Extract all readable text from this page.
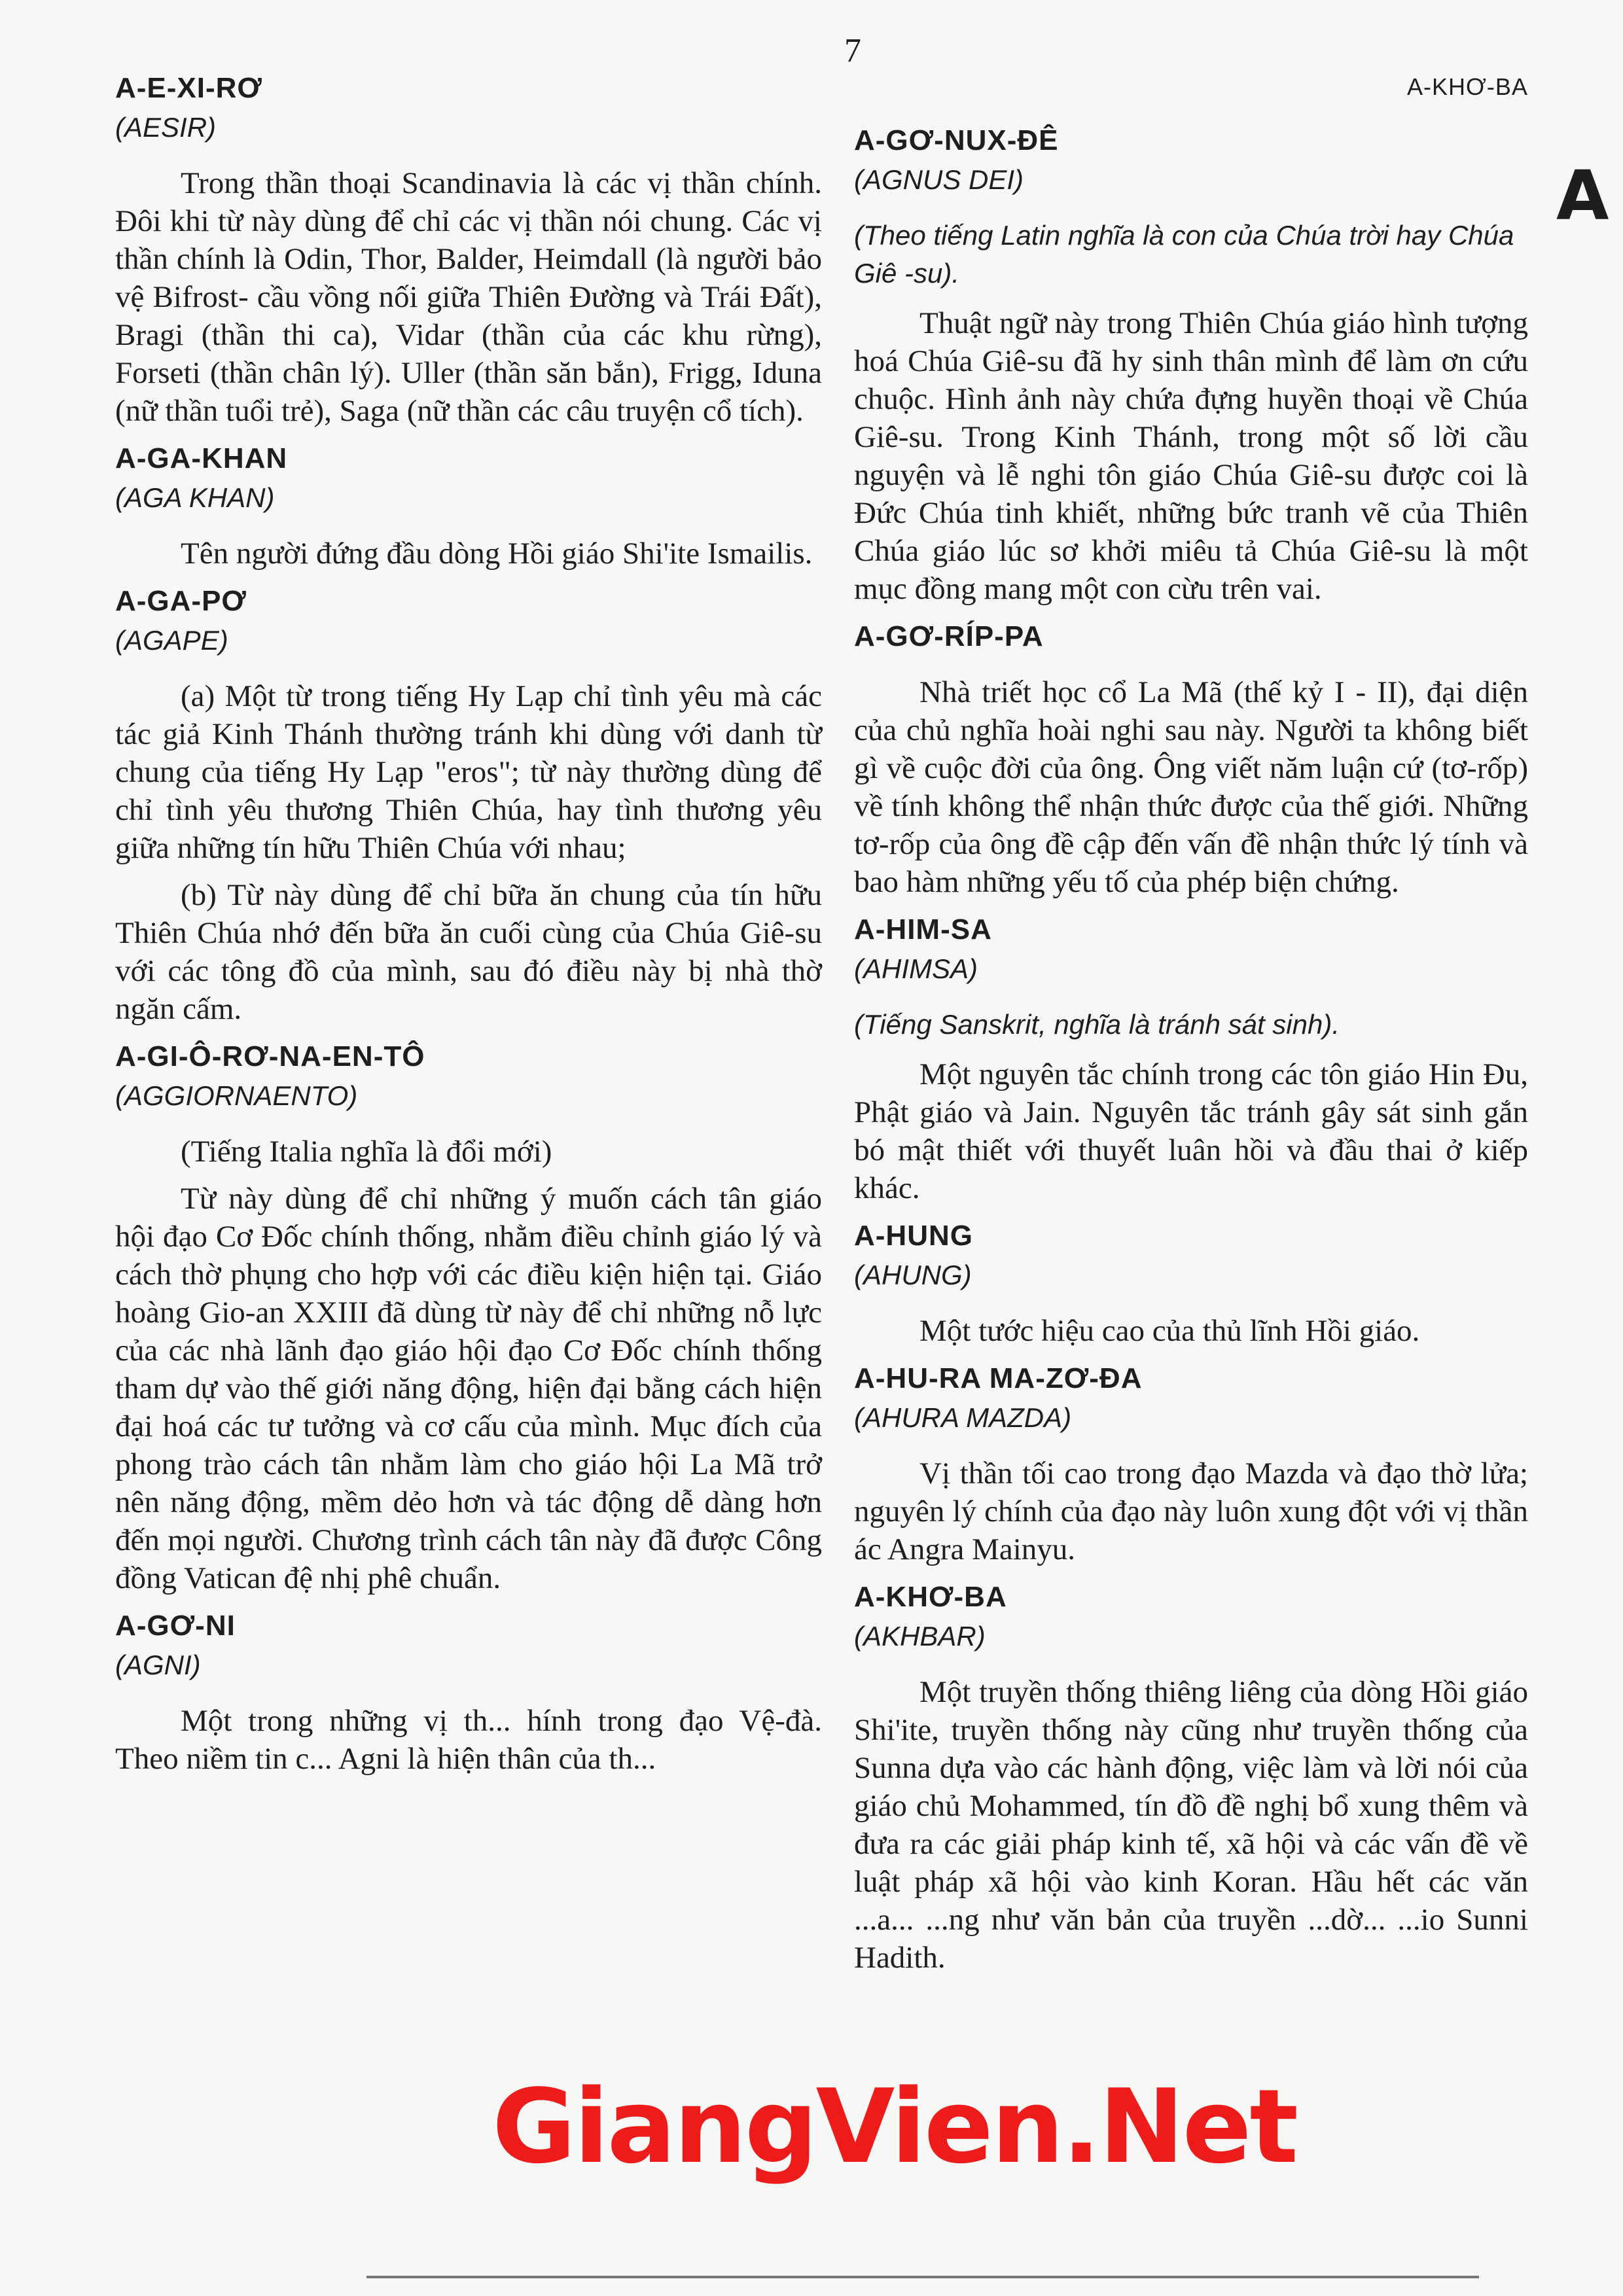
7
A-KHƠ-BA
A
A-E-XI-RƠ
(AESIR)

Trong thần thoại Scandinavia là các vị thần chính. Đôi khi từ này dùng để chỉ các vị thần nói chung. Các vị thần chính là Odin, Thor, Balder, Heimdall (là người bảo vệ Bifrost- cầu vồng nối giữa Thiên Đường và Trái Đất), Bragi (thần thi ca), Vidar (thần của các khu rừng), Forseti (thần chân lý). Uller (thần săn bắn), Frigg, Iduna (nữ thần tuổi trẻ), Saga (nữ thần các câu truyện cổ tích).

A-GA-KHAN
(AGA KHAN)

Tên người đứng đầu dòng Hồi giáo Shi'ite Ismailis.

A-GA-PƠ
(AGAPE)

(a) Một từ trong tiếng Hy Lạp chỉ tình yêu mà các tác giả Kinh Thánh thường tránh khi dùng với danh từ chung của tiếng Hy Lạp "eros"; từ này thường dùng để chỉ tình yêu thương Thiên Chúa, hay tình thương yêu giữa những tín hữu Thiên Chúa với nhau;

(b) Từ này dùng để chỉ bữa ăn chung của tín hữu Thiên Chúa nhớ đến bữa ăn cuối cùng của Chúa Giê-su với các tông đồ của mình, sau đó điều này bị nhà thờ ngăn cấm.

A-GI-Ô-RƠ-NA-EN-TÔ
(AGGIORNAENTO)

(Tiếng Italia nghĩa là đổi mới)

Từ này dùng để chỉ những ý muốn cách tân giáo hội đạo Cơ Đốc chính thống, nhằm điều chỉnh giáo lý và cách thờ phụng cho hợp với các điều kiện hiện tại. Giáo hoàng Gio-an XXIII đã dùng từ này để chỉ những nỗ lực của các nhà lãnh đạo giáo hội đạo Cơ Đốc chính thống tham dự vào thế giới năng động, hiện đại bằng cách hiện đại hoá các tư tưởng và cơ cấu của mình. Mục đích của phong trào cách tân nhằm làm cho giáo hội La Mã trở nên năng động, mềm dẻo hơn và tác động dễ dàng hơn đến mọi người. Chương trình cách tân này đã được Công đồng Vatican đệ nhị phê chuẩn.

A-GƠ-NI
(AGNI)

Một trong những vị th... hính trong đạo Vệ-đà. Theo niềm tin c... Agni là hiện thân của th...

A-GƠ-NUX-ĐÊ
(AGNUS DEI)
(Theo tiếng Latin nghĩa là con của Chúa trời hay Chúa Giê -su).

Thuật ngữ này trong Thiên Chúa giáo hình tượng hoá Chúa Giê-su đã hy sinh thân mình để làm ơn cứu chuộc. Hình ảnh này chứa đựng huyền thoại về Chúa Giê-su. Trong Kinh Thánh, trong một số lời cầu nguyện và lễ nghi tôn giáo Chúa Giê-su được coi là Đức Chúa tinh khiết, những bức tranh vẽ của Thiên Chúa giáo lúc sơ khởi miêu tả Chúa Giê-su là một mục đồng mang một con cừu trên vai.

A-GƠ-RÍP-PA

Nhà triết học cổ La Mã (thế kỷ I - II), đại diện của chủ nghĩa hoài nghi sau này. Người ta không biết gì về cuộc đời của ông. Ông viết năm luận cứ (tơ-rốp) về tính không thể nhận thức được của thế giới. Những tơ-rốp của ông đề cập đến vấn đề nhận thức lý tính và bao hàm những yếu tố của phép biện chứng.

A-HIM-SA
(AHIMSA)
(Tiếng Sanskrit, nghĩa là tránh sát sinh).

Một nguyên tắc chính trong các tôn giáo Hin Đu, Phật giáo và Jain. Nguyên tắc tránh gây sát sinh gắn bó mật thiết với thuyết luân hồi và đầu thai ở kiếp khác.

A-HUNG
(AHUNG)

Một tước hiệu cao của thủ lĩnh Hồi giáo.

A-HU-RA MA-ZƠ-ĐA
(AHURA MAZDA)

Vị thần tối cao trong đạo Mazda và đạo thờ lửa; nguyên lý chính của đạo này luôn xung đột với vị thần ác Angra Mainyu.

A-KHƠ-BA
(AKHBAR)

Một truyền thống thiêng liêng của dòng Hồi giáo Shi'ite, truyền thống này cũng như truyền thống của Sunna dựa vào các hành động, việc làm và lời nói của giáo chủ Mohammed, tín đồ đề nghị bổ xung thêm và đưa ra các giải pháp kinh tế, xã hội và các vấn đề về luật pháp xã hội vào kinh Koran. Hầu hết các văn ...a... ...ng như văn bản của truyền ...dờ... ...io Sunni Hadith.

GiangVien.Net
